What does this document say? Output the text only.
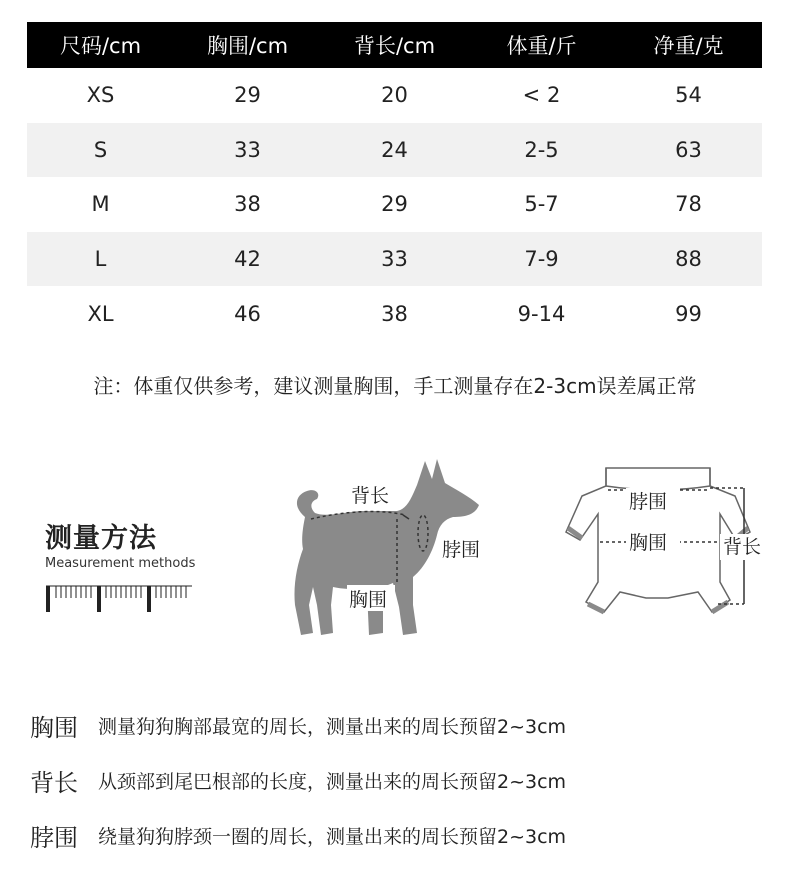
尺码/cm	胸围/cm	背长/cm	体重/斤	净重/克
XS	29	20	< 2	54
S	33	24	2-5	63
M	38	29	5-7	78
L	42	33	7-9	88
XL	46	38	9-14	99

注：体重仅供参考，建议测量胸围，手工测量存在2-3cm误差属正常

测量方法
Measurement methods
背长
脖围
胸围
脖围
胸围	背长
胸围	测量狗狗胸部最宽的周长，测量出来的周长预留2~3cm
背长	从颈部到尾巴根部的长度，测量出来的周长预留2~3cm
脖围	绕量狗狗脖颈一圈的周长，测量出来的周长预留2~3cm
